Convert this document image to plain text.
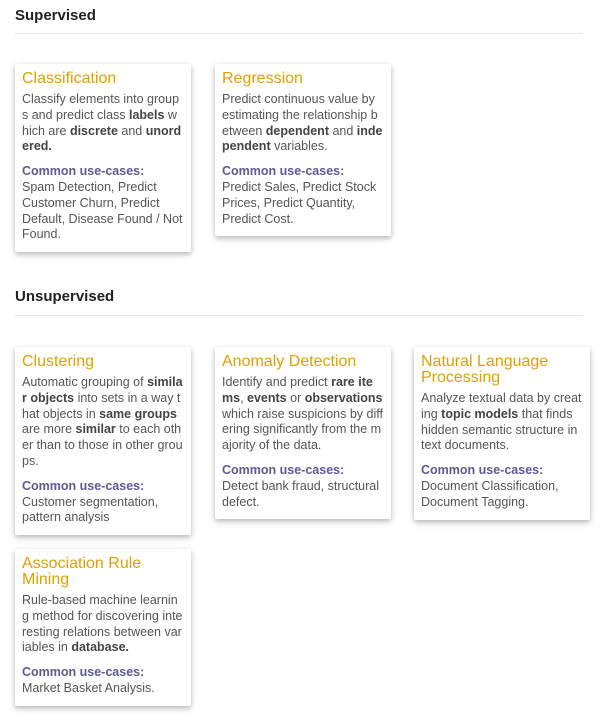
Supervised
Classification

Classify elements into groups and predict class labels which are discrete and unordered.

Common use-cases:

Spam Detection, Predict Customer Churn, Predict Default, Disease Found / Not Found.

Regression

Predict continuous value by estimating the relationship between dependent and independent variables.

Common use-cases:

Predict Sales, Predict Stock Prices, Predict Quantity, Predict Cost.

Unsupervised
Clustering

Automatic grouping of similar objects into sets in a way that objects in same groups are more similar to each other than to those in other groups.

Common use-cases:

Customer segmentation, pattern analysis

Anomaly Detection

Identify and predict rare items, events or observations which raise suspicions by differing significantly from the majority of the data.

Common use-cases:

Detect bank fraud, structural defect.

Natural Language Processing

Analyze textual data by creating topic models that finds hidden semantic structure in text documents.

Common use-cases:

Document Classification, Document Tagging.

Association Rule Mining

Rule-based machine learning method for discovering interesting relations between variables in database.

Common use-cases:

Market Basket Analysis.
